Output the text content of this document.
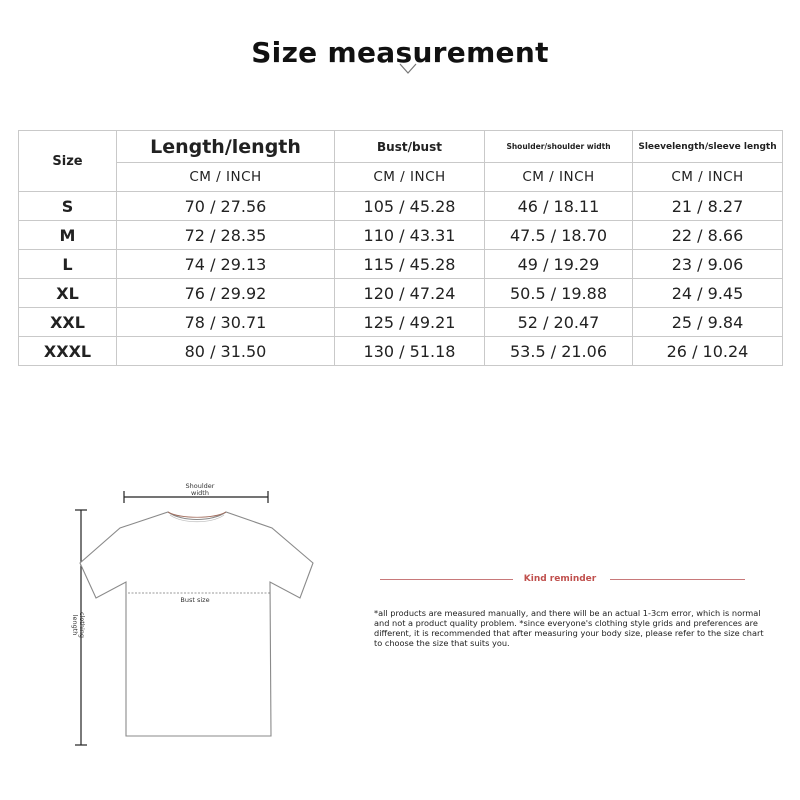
Size measurement
Size	Length/length	Bust/bust	Shoulder/shoulder width	Sleevelength/sleeve length
	CM / INCH	CM / INCH	CM / INCH	CM / INCH
S	70 / 27.56	105 / 45.28	46 / 18.11	21 / 8.27
M	72 / 28.35	110 / 43.31	47.5 / 18.70	22 / 8.66
L	74 / 29.13	115 / 45.28	49 / 19.29	23 / 9.06
XL	76 / 29.92	120 / 47.24	50.5 / 19.88	24 / 9.45
XXL	78 / 30.71	125 / 49.21	52 / 20.47	25 / 9.84
XXXL	80 / 31.50	130 / 51.18	53.5 / 21.06	26 / 10.24
Shoulder
width
Bust size
clothing
length
Kind reminder
*all products are measured manually, and there will be an actual 1-3cm error, which is normal and not a product quality problem. *since everyone's clothing style grids and preferences are different, it is recommended that after measuring your body size, please refer to the size chart to choose the size that suits you.
